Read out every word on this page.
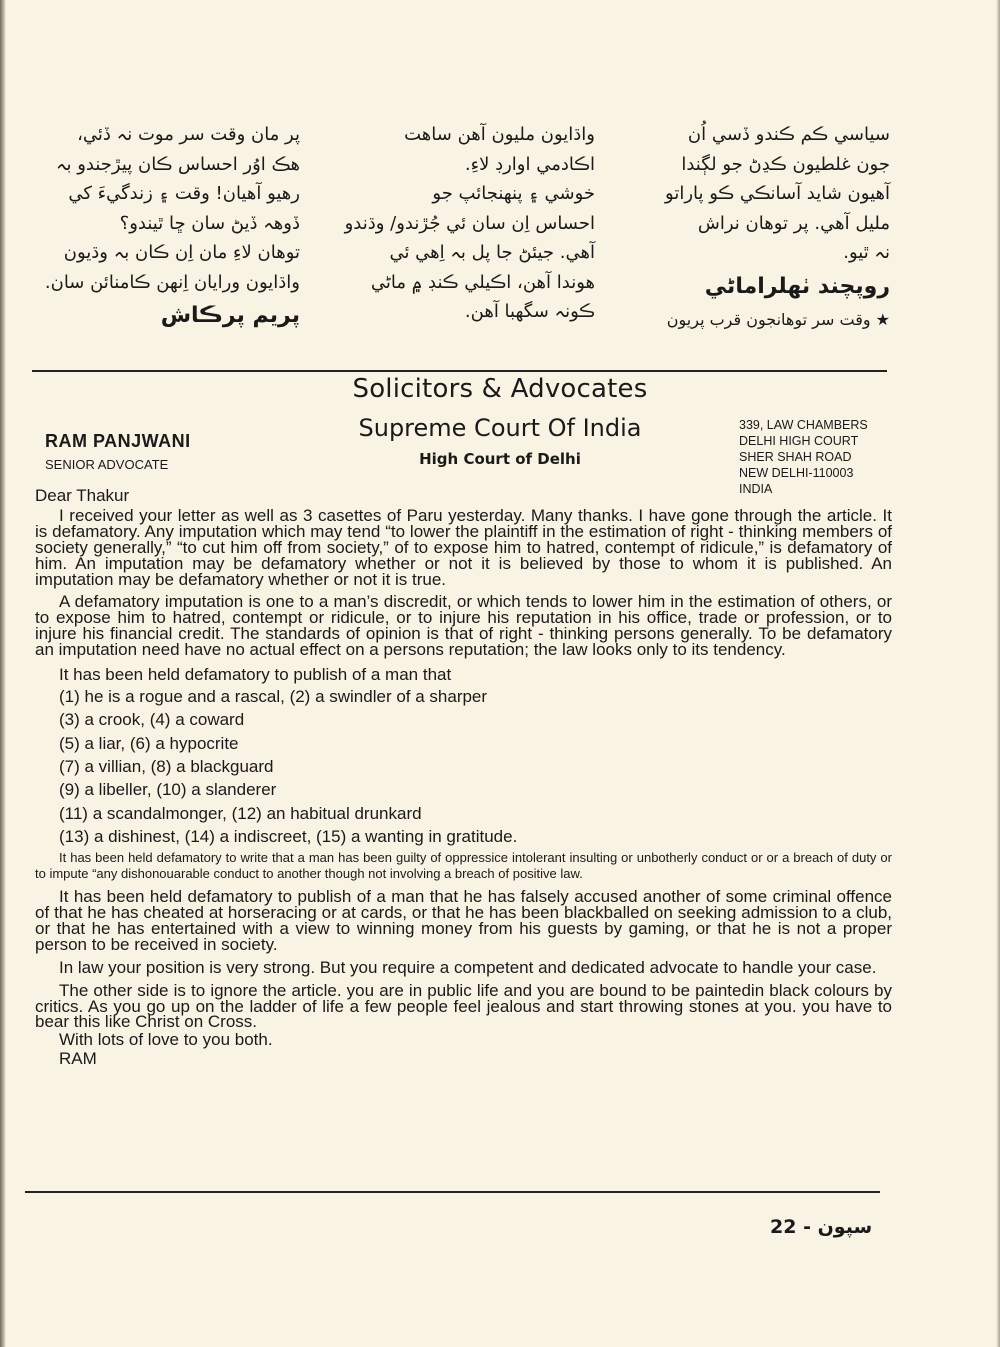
سياسي ڪم ڪندو ڏسي اُن
جون غلطيون ڪڍڻ جو لڳندا
آهيون شايد آسانڪي ڪو پاراتو
مليل آهي. پر توهان نراش
نہ ٿيو.
روپچند ٺهلراماڻي
★ وقت سر توهانجون قرب پريون
واڌايون مليون آهن ساهت
اڪادمي اوارڊ لاءِ.
خوشي ۽ پنهنجائپ جو
احساس اِن سان ئي جُڙندو/ وڌندو
آهي. جيئڻ جا پل بہ اِهي ئي
هوندا آهن، اڪيلي ڪنڊ ۾ ماڻي
ڪونہ سگهبا آهن.
پر مان وقت سر موت نہ ڏئي،
هڪ اوُر احساس ڪان پيڙجندو بہ
رهيو آهيان! وقت ۽ زندگيءَ کي
ڏوهہ ڏيڻ سان ڇا ٿيندو؟
توهان لاءِ مان اِن ڪان بہ وڌيون
واڌايون ورايان اِنهن ڪامنائن سان.
پريم پرڪاش
Solicitors & Advocates
Supreme Court Of India
High Court of Delhi
RAM PANJWANI
SENIOR ADVOCATE
339, LAW CHAMBERS
DELHI HIGH COURT
SHER SHAH ROAD
NEW DELHI-110003
INDIA

Dear Thakur

I received your letter as well as 3 casettes of Paru yesterday. Many thanks. I have gone through the article. It is defamatory. Any imputation which may tend “to lower the plaintiff in the estimation of right - thinking members of society generally,” “to cut him off from society,” of to expose him to hatred, contempt of ridicule,” is defamatory of him. An imputation may be defamatory whether or not it is believed by those to whom it is published. An imputation may be defamatory whether or not it is true.

A defamatory imputation is one to a man’s discredit, or which tends to lower him in the estimation of others, or to expose him to hatred, contempt or ridicule, or to injure his reputation in his office, trade or profession, or to injure his financial credit. The standards of opinion is that of right - thinking persons generally. To be defamatory an imputation need have no actual effect on a persons reputation; the law looks only to its tendency.

It has been held defamatory to publish of a man that

(1) he is a rogue and a rascal, (2) a swindler of a sharper

(3) a crook, (4) a coward

(5) a liar, (6) a hypocrite

(7) a villian, (8) a blackguard

(9) a libeller, (10) a slanderer

(11) a scandalmonger, (12) an habitual drunkard

(13) a dishinest, (14) a indiscreet, (15) a wanting in gratitude.

It has been held defamatory to write that a man has been guilty of oppressice intolerant insulting or unbotherly conduct or or a breach of duty or to impute “any dishonouarable conduct to another though not involving a breach of positive law.

It has been held defamatory to publish of a man that he has falsely accused another of some criminal offence of that he has cheated at horseracing or at cards, or that he has been blackballed on seeking admission to a club, or that he has entertained with a view to winning money from his guests by gaming, or that he is not a proper person to be received in society.

In law your position is very strong. But you require a competent and dedicated advocate to handle your case.

The other side is to ignore the article. you are in public life and you are bound to be paintedin black colours by critics. As you go up on the ladder of life a few people feel jealous and start throwing stones at you. you have to bear this like Christ on Cross.

With lots of love to you both.

RAM

سپون - 22
